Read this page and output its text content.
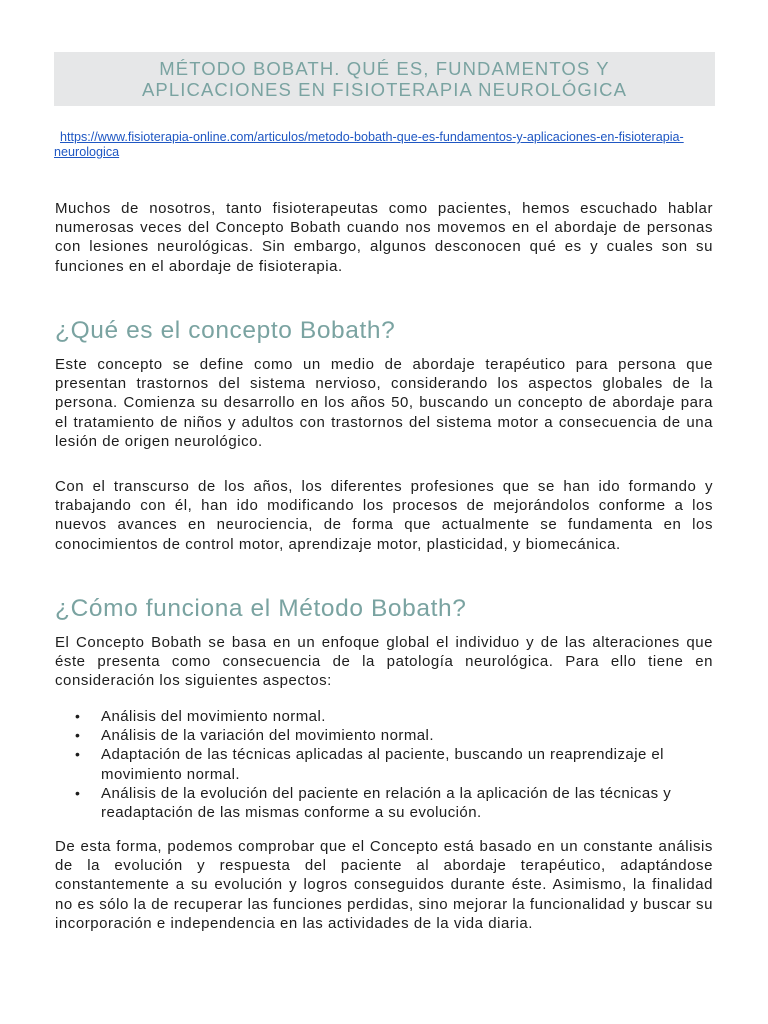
MÉTODO BOBATH. QUÉ ES, FUNDAMENTOS Y
APLICACIONES EN FISIOTERAPIA NEUROLÓGICA
https://www.fisioterapia-online.com/articulos/metodo-bobath-que-es-fundamentos-y-aplicaciones-en-fisioterapia-neurologica

Muchos de nosotros, tanto fisioterapeutas como pacientes, hemos escuchado hablar numerosas veces del Concepto Bobath cuando nos movemos en el abordaje de personas con lesiones neurológicas. Sin embargo, algunos desconocen qué es y cuales son su funciones en el abordaje de fisioterapia.

¿Qué es el concepto Bobath?

Este concepto se define como un medio de abordaje terapéutico para persona que presentan trastornos del sistema nervioso, considerando los aspectos globales de la persona. Comienza su desarrollo en los años 50, buscando un concepto de abordaje para el tratamiento de niños y adultos con trastornos del sistema motor a consecuencia de una lesión de origen neurológico.

Con el transcurso de los años, los diferentes profesiones que se han ido formando y trabajando con él, han ido modificando los procesos de mejorándolos conforme a los nuevos avances en neurociencia, de forma que actualmente se fundamenta en los conocimientos de control motor, aprendizaje motor, plasticidad, y biomecánica.

¿Cómo funciona el Método Bobath?

El Concepto Bobath se basa en un enfoque global el individuo y de las alteraciones que éste presenta como consecuencia de la patología neurológica. Para ello tiene en consideración los siguientes aspectos:

• Análisis del movimiento normal.
• Análisis de la variación del movimiento normal.
• Adaptación de las técnicas aplicadas al paciente, buscando un reaprendizaje el movimiento normal.
• Análisis de la evolución del paciente en relación a la aplicación de las técnicas y readaptación de las mismas conforme a su evolución.

De esta forma, podemos comprobar que el Concepto está basado en un constante análisis de la evolución y respuesta del paciente al abordaje terapéutico, adaptándose constantemente a su evolución y logros conseguidos durante éste. Asimismo, la finalidad no es sólo la de recuperar las funciones perdidas, sino mejorar la funcionalidad y buscar su incorporación e independencia en las actividades de la vida diaria.
